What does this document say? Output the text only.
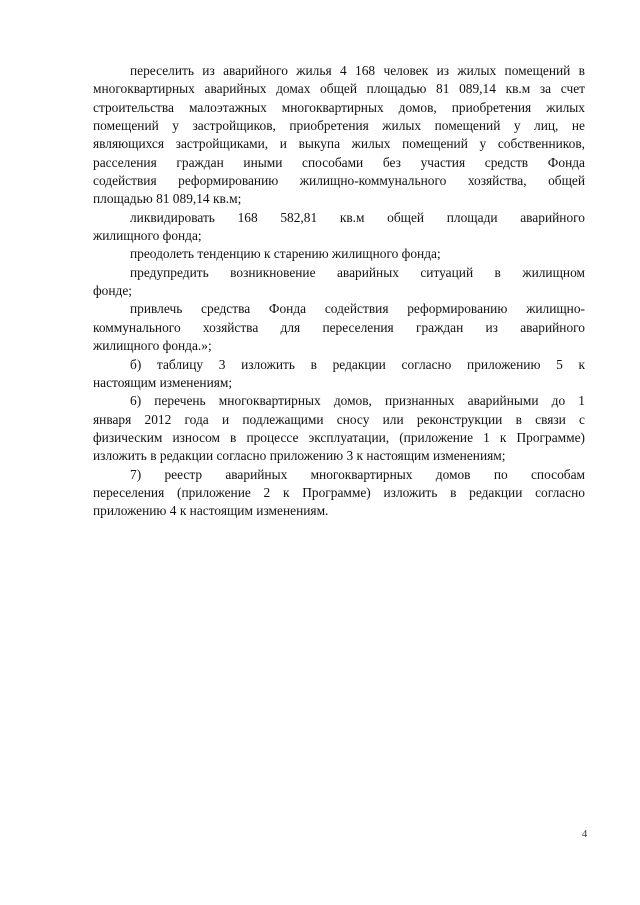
переселить из аварийного жилья 4 168 человек из жилых помещений в
многоквартирных аварийных домах общей площадью 81 089,14 кв.м за счет
строительства малоэтажных многоквартирных домов, приобретения жилых
помещений у застройщиков, приобретения жилых помещений у лиц, не
являющихся застройщиками, и выкупа жилых помещений у собственников,
расселения граждан иными способами без участия средств Фонда
содействия реформированию жилищно-коммунального хозяйства, общей
площадью 81 089,14 кв.м;
ликвидировать 168 582,81 кв.м общей площади аварийного
жилищного фонда;
преодолеть тенденцию к старению жилищного фонда;
предупредить возникновение аварийных ситуаций в жилищном
фонде;
привлечь средства Фонда содействия реформированию жилищно-
коммунального хозяйства для переселения граждан из аварийного
жилищного фонда.»;
б) таблицу 3 изложить в редакции согласно приложению 5 к
настоящим изменениям;
6) перечень многоквартирных домов, признанных аварийными до 1
января 2012 года и подлежащими сносу или реконструкции в связи с
физическим износом в процессе эксплуатации, (приложение 1 к Программе)
изложить в редакции согласно приложению 3 к настоящим изменениям;
7) реестр аварийных многоквартирных домов по способам
переселения (приложение 2 к Программе) изложить в редакции согласно
приложению 4 к настоящим изменениям.
4
